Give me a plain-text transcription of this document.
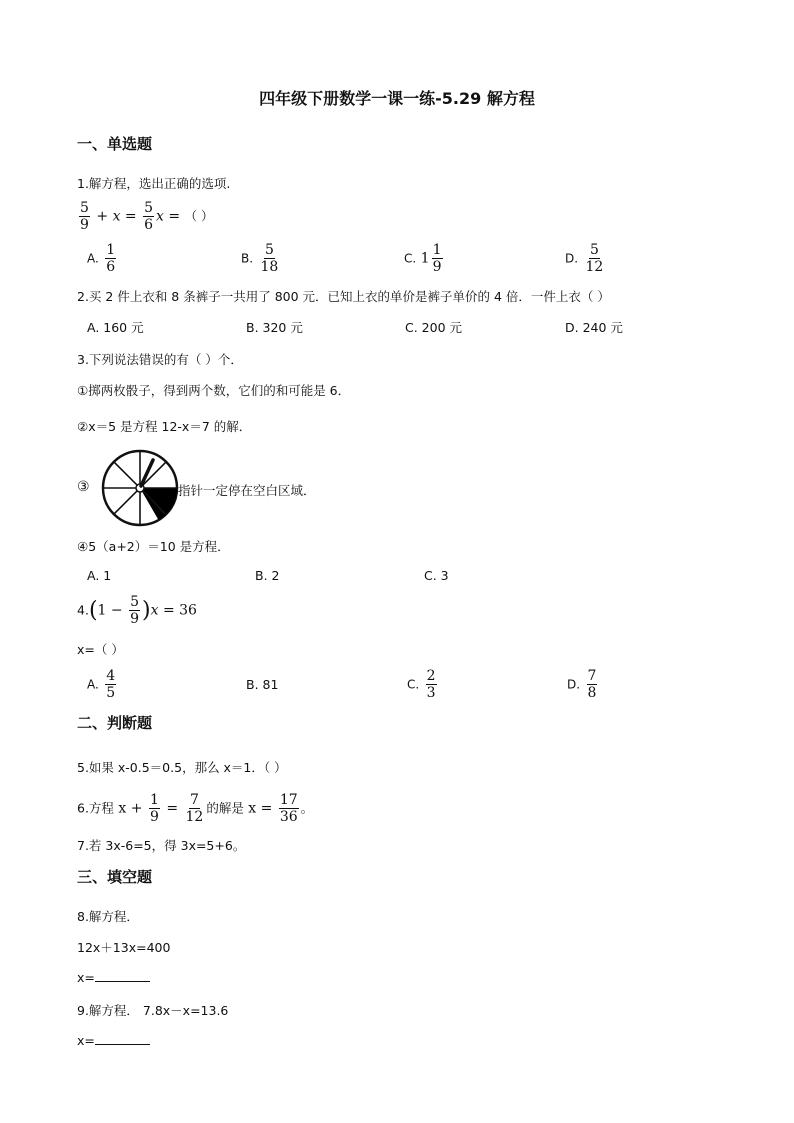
四年级下册数学一课一练-5.29 解方程
一、单选题
1.解方程，选出正确的选项.
$\frac{5}{9} + x = \frac{5}{6}$ x = （ ）
A. $\frac{1}{6}$	B. $\frac{5}{18}$	C. $1 \frac{1}{9}$	D. $\frac{5}{12}$
2.买 2 件上衣和 8 条裤子一共用了 800 元．已知上衣的单价是裤子单价的 4 倍．一件上衣（ ）
A. 160 元	B. 320 元	C. 200 元	D. 240 元
3.下列说法错误的有（ ）个．
①掷两枚骰子，得到两个数，它们的和可能是 6．
②x＝5 是方程 12-x＝7 的解．
③	指针一定停在空白区域．
④5（a+2）＝10 是方程．
A. 1	B. 2	C. 3
$4.(1 - \frac{5}{9} )x = 36$
x=（ ）
A. $\frac{4}{5}$	B. 81	C. $\frac{2}{3}$	D. $\frac{7}{8}$
二、判断题
5.如果 x-0.5＝0.5，那么 x＝1．（ ）
6.方程 $x + \frac{1}{9} = \frac{7}{12}$ 的解是 $x = \frac{17}{36}$ 。
7.若 3x-6=5，得 3x=5+6。
三、填空题
8.解方程．
12x＋13x=400
x=
9.解方程． 7.8x－x=13.6
x=
